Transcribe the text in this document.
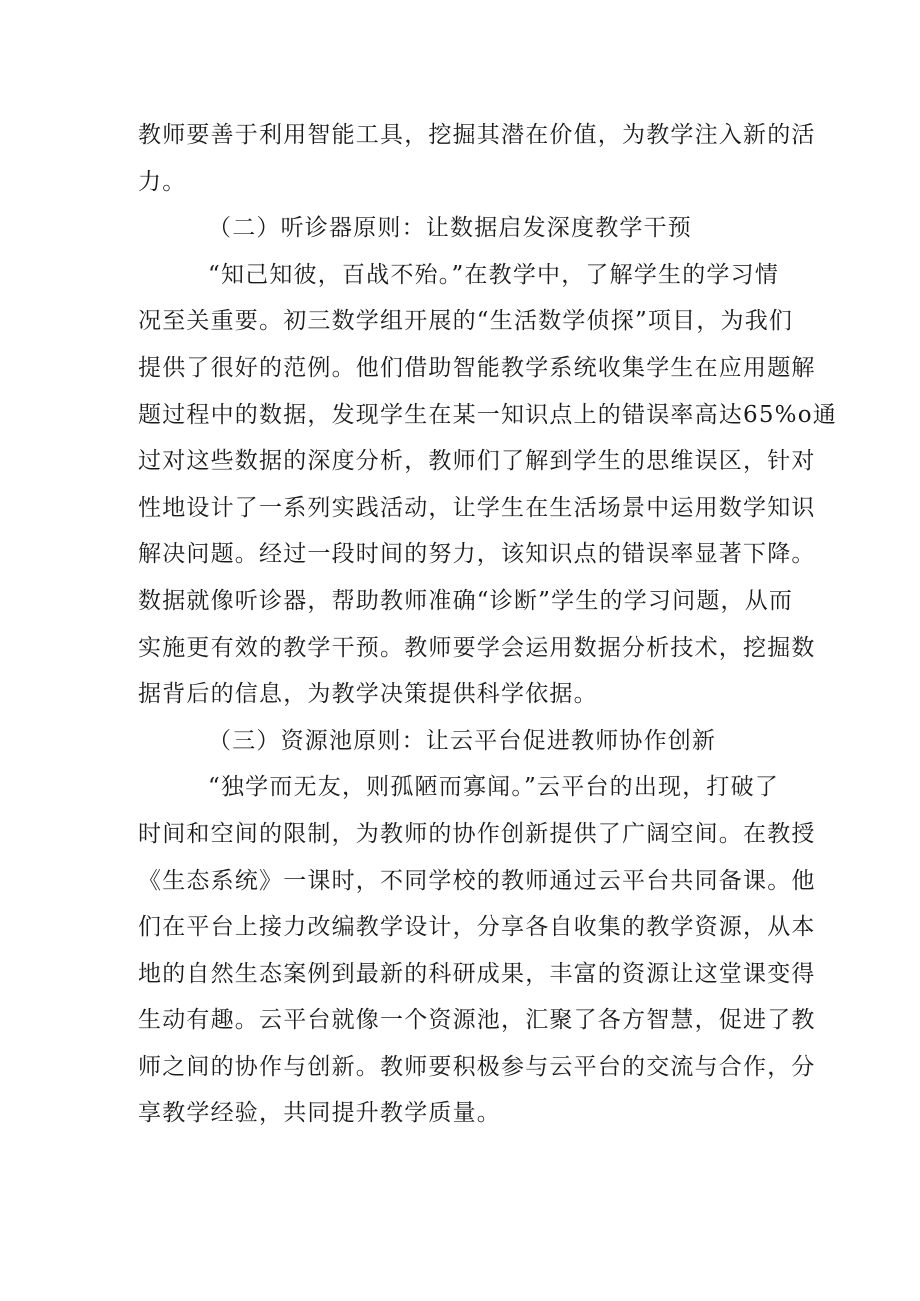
教师要善于利用智能工具，挖掘其潜在价值，为教学注入新的活
力。
（二）听诊器原则：让数据启发深度教学干预
“知己知彼，百战不殆。”在教学中，了解学生的学习情
况至关重要。初三数学组开展的“生活数学侦探”项目，为我们
提供了很好的范例。他们借助智能教学系统收集学生在应用题解
题过程中的数据，发现学生在某一知识点上的错误率高达65%o通
过对这些数据的深度分析，教师们了解到学生的思维误区，针对
性地设计了一系列实践活动，让学生在生活场景中运用数学知识
解决问题。经过一段时间的努力，该知识点的错误率显著下降。
数据就像听诊器，帮助教师准确“诊断”学生的学习问题，从而
实施更有效的教学干预。教师要学会运用数据分析技术，挖掘数
据背后的信息，为教学决策提供科学依据。
（三）资源池原则：让云平台促进教师协作创新
“独学而无友，则孤陋而寡闻。”云平台的出现，打破了
时间和空间的限制，为教师的协作创新提供了广阔空间。在教授
《生态系统》一课时，不同学校的教师通过云平台共同备课。他
们在平台上接力改编教学设计，分享各自收集的教学资源，从本
地的自然生态案例到最新的科研成果，丰富的资源让这堂课变得
生动有趣。云平台就像一个资源池，汇聚了各方智慧，促进了教
师之间的协作与创新。教师要积极参与云平台的交流与合作，分
享教学经验，共同提升教学质量。
